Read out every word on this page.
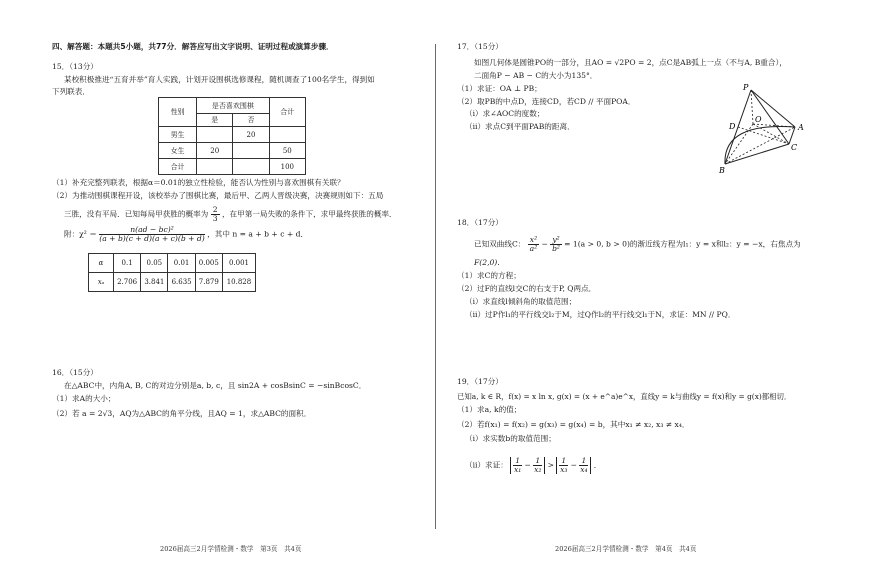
四、解答题：本题共5小题，共77分．解答应写出文字说明、证明过程或演算步骤．
15．（13分）
某校积极推进“五育并举”育人实践，计划开设围棋选修课程，随机调查了100名学生，得到如
下列联表．
性别	是否喜欢围棋		合计
	是	否	
男生		20	
女生	20		50
合计			100
（1）补充完整列联表，根据α＝0.01的独立性检验，能否认为性别与喜欢围棋有关联？
（2）为推动围棋课程开设，该校举办了围棋比赛，最后甲、乙两人晋级决赛，决赛规则如下：五局
三胜，没有平局．已知每局甲获胜的概率为 $\frac{2}{3}$ ，在甲第一局失败的条件下，求甲最终获胜的概率．
附：$\chi^2 = \frac{\text{n(ad − bc)²}}{(a + b)(c + d)(a + c)(b + d)}$ ，其中 n = a + b + c + d．
α	0.1	0.05	0.01	0.005	0.001
xₐ	2.706	3.841	6.635	7.879	10.828
16．（15分）
在△ABC中，内角A, B, C的对边分别是a, b, c，且 sin2A + cosBsinC = −sinBcosC．
（1）求A的大小；
（2）若 a = 2√3，AQ为△ABC的角平分线，且AQ = 1，求△ABC的面积．
2026届高三2月学情检测・数学　第3页　共4页
17．（15分）
如图几何体是圆锥PO的一部分，且AO = √2PO = 2，点C是AB弧上一点（不与A, B重合），
二面角P − AB − C的大小为135°．
（1）求证：OA ⊥ PB；
（2）取PB的中点D，连接CD，若CD // 平面POA．
（i）求∠AOC的度数；
（ii）求点C到平面PAB的距离．
P
D
O
A
C
B
18．（17分）
已知双曲线C： $\frac{\text{x²}}{\text{a²}} - \frac{\text{y²}}{\text{b²}} = 1(a > 0$, b > 0)的渐近线方程为l₁：y = x和l₂：y = −x，右焦点为
F(2,0)．
（1）求C的方程；
（2）过F的直线l交C的右支于P, Q两点．
（i）求直线l倾斜角的取值范围；
（ii）过P作l₁的平行线交l₂于M，过Q作l₂的平行线交l₁于N，求证：MN // PQ．
19．（17分）
已知a, k ∈ R，f(x) = x ln x, g(x) = (x + e^a)e^x，直线y = k与曲线y = f(x)和y = g(x)都相切．
（1）求a, k的值；
（2）若f(x₁) = f(x₂) = g(x₃) = g(x₄) = b，其中x₁ ≠ x₂, x₃ ≠ x₄．
（i）求实数b的取值范围；
（ii）求证： $\frac{1}{\text{x₁}} - \frac{1}{\text{x₂}} > \frac{1}{\text{x₃}} - \frac{1}{\text{x₄}}$ ．
2026届高三2月学情检测・数学　第4页　共4页
